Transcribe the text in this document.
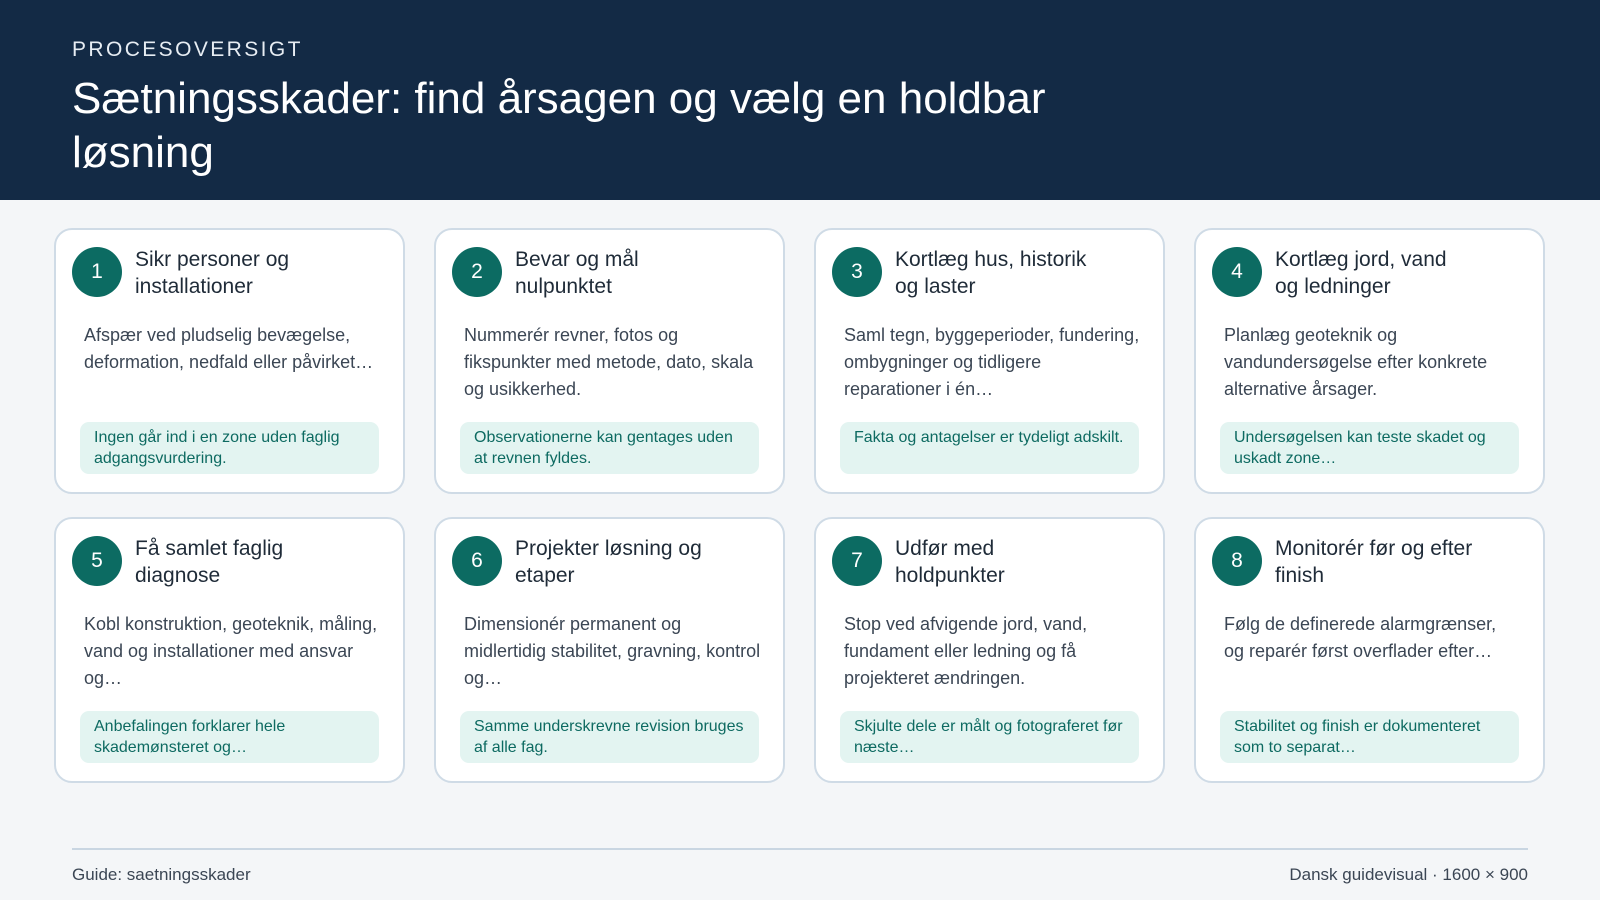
PROCESOVERSIGT
Sætningsskader: find årsagen og vælg en holdbar løsning
1
Sikr personer og installationer
Afspær ved pludselig bevægelse, deformation, nedfald eller påvirket…
Ingen går ind i en zone uden faglig adgangsvurdering.
2
Bevar og mål nulpunktet
Nummerér revner, fotos og fikspunkter med metode, dato, skala og usikkerhed.
Observationerne kan gentages uden at revnen fyldes.
3
Kortlæg hus, historik og laster
Saml tegn, byggeperioder, fundering, ombygninger og tidligere reparationer i én…
Fakta og antagelser er tydeligt adskilt.
4
Kortlæg jord, vand og ledninger
Planlæg geoteknik og vandundersøgelse efter konkrete alternative årsager.
Undersøgelsen kan teste skadet og uskadt zone…
5
Få samlet faglig diagnose
Kobl konstruktion, geoteknik, måling, vand og installationer med ansvar og…
Anbefalingen forklarer hele skademønsteret og…
6
Projekter løsning og etaper
Dimensionér permanent og midlertidig stabilitet, gravning, kontrol og…
Samme underskrevne revision bruges af alle fag.
7
Udfør med holdpunkter
Stop ved afvigende jord, vand, fundament eller ledning og få projekteret ændringen.
Skjulte dele er målt og fotograferet før næste…
8
Monitorér før og efter finish
Følg de definerede alarmgrænser, og reparér først overflader efter…
Stabilitet og finish er dokumenteret som to separat…
Guide: saetningsskader	Dansk guidevisual · 1600 × 900
